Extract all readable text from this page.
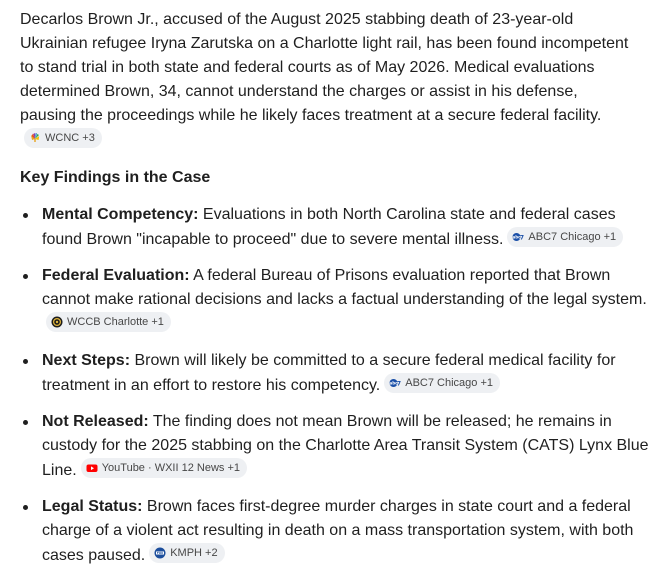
Decarlos Brown Jr., accused of the August 2025 stabbing death of 23-year-old Ukrainian refugee Iryna Zarutska on a Charlotte light rail, has been found incompetent to stand trial in both state and federal courts as of May 2026. Medical evaluations determined Brown, 34, cannot understand the charges or assist in his defense, pausing the proceedings while he likely faces treatment at a secure federal facility.
WCNC +3

Key Findings in the Case
Mental Competency: Evaluations in both North Carolina state and federal cases found Brown "incapable to proceed" due to severe mental illness. abc 7 ABC7 Chicago +1
Federal Evaluation: A federal Bureau of Prisons evaluation reported that Brown cannot make rational decisions and lacks a factual understanding of the legal system.
WCCB Charlotte +1
Next Steps: Brown will likely be committed to a secure federal medical facility for treatment in an effort to restore his competency. abc 7 ABC7 Chicago +1
Not Released: The finding does not mean Brown will be released; he remains in custody for the 2025 stabbing on the Charlotte Area Transit System (CATS) Lynx Blue Line. YouTube · WXII 12 News +1
Legal Status: Brown faces first-degree murder charges in state court and a federal charge of a violent act resulting in death on a mass transportation system, with both cases paused.	FOX KMPH +2
